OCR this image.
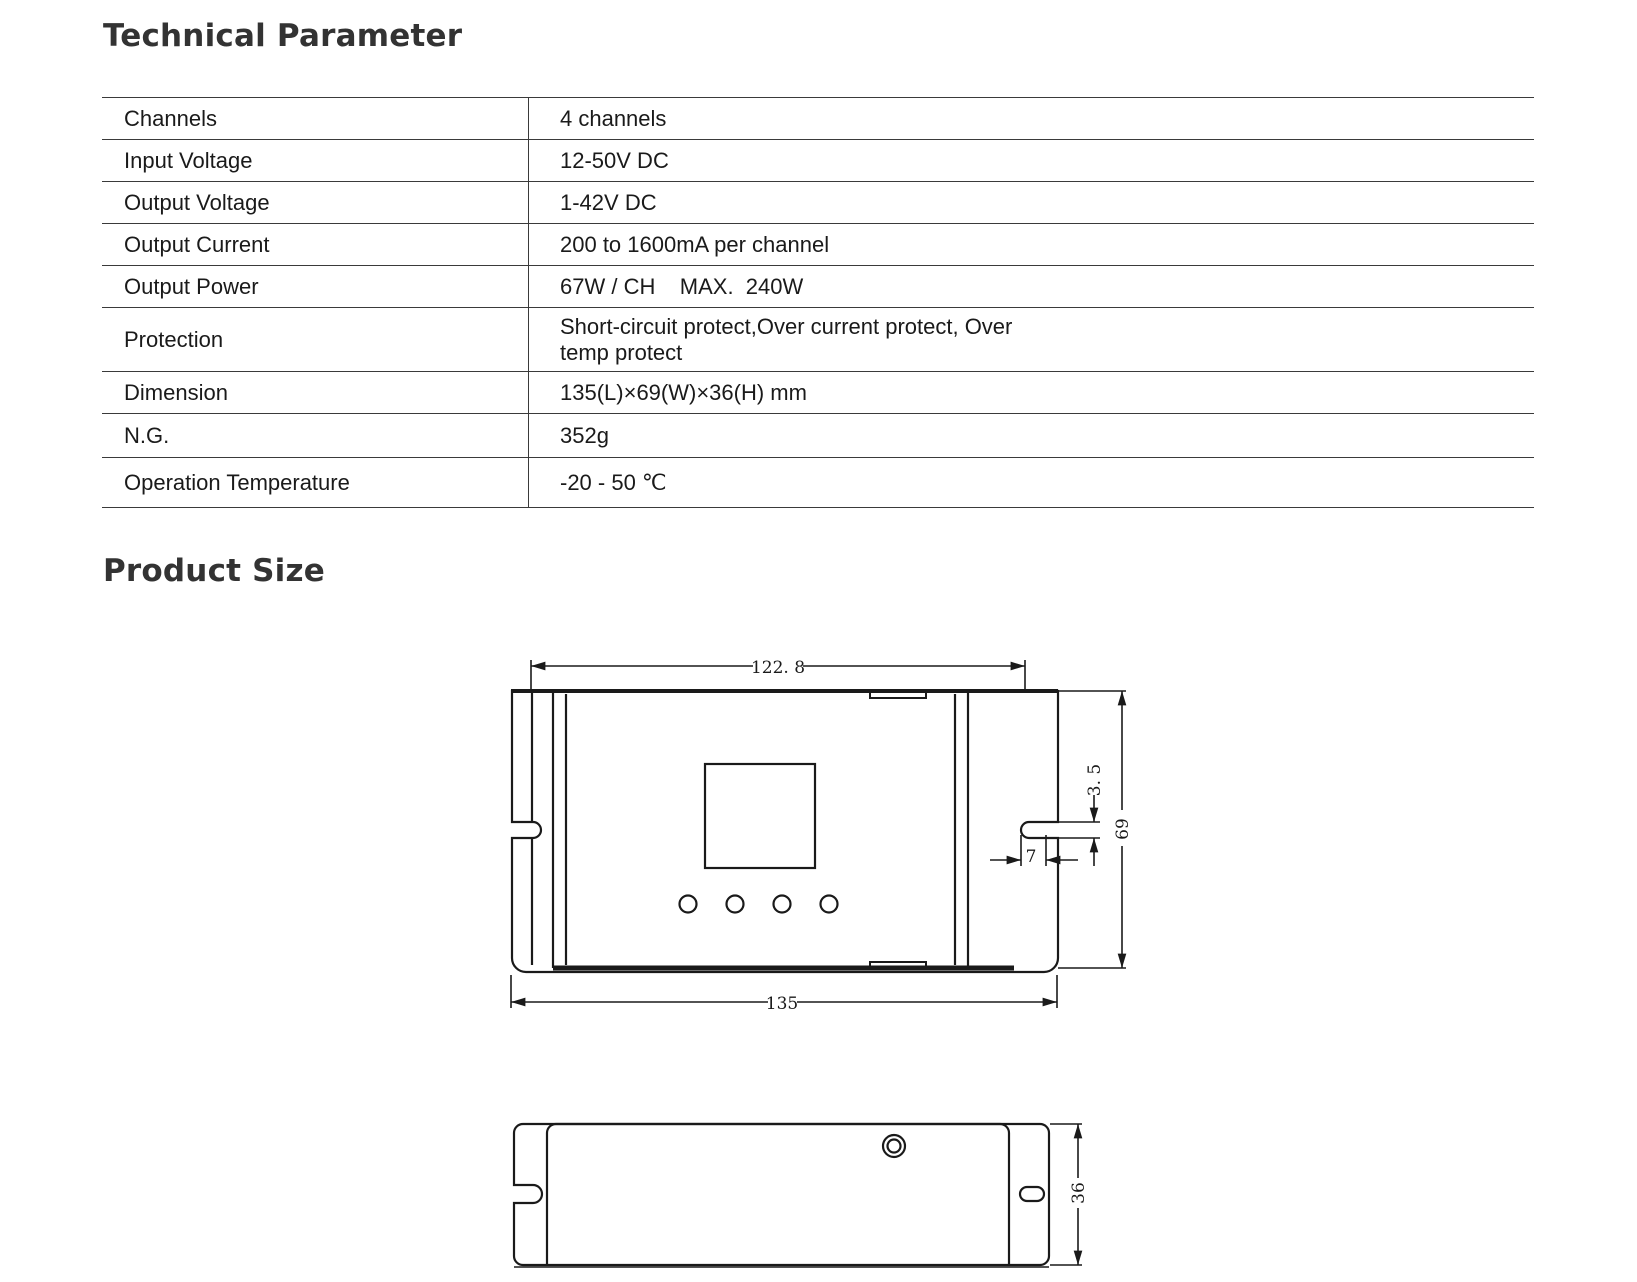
Technical Parameter
Channels	4 channels
Input Voltage	12-50V DC
Output Voltage	1-42V DC
Output Current	200 to 1600mA per channel
Output Power	67W / CH    MAX.  240W
Protection	Short-circuit protect,Over current protect, Over temp protect
Dimension	135(L)×69(W)×36(H) mm
N.G.	352g
Operation Temperature	-20 - 50 ℃
Product Size
122. 8
135
7
3. 5
69
36
